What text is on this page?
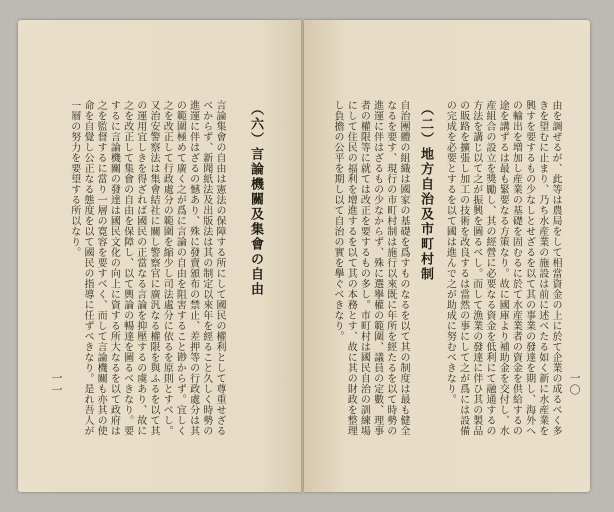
言論集會の自由は憲法の保障する所にして國民の權利として尊重せざるべからず、新聞紙法及出版法は其の制定以來年を經ること久しく時勢の進運に伴はざるの憾あり、殊に發賣頒布の禁止、差押等の行政處分は其の範圍極めて廣く之が爲に言論の自由を阻害すること尠からず。宜しく之を改正して行政處分の範圍を縮少し司法處分に依るを原則とすべし。又治安警察法は集會結社に關し警察官に廣汎なる權限を與ふるを以て其の運用宜しきを得ざれば國民の正當なる言論を抑壓するの虞あり、故に之を改正して集會の自由を保障し、以て輿論の暢達を圖るべきなり。要するに言論機關の發達は國民文化の向上に資する所大なるを以て政府は之を監督するに當り一層の寛容を要すべく、而して言論機關も亦其の使命を自覺し公正なる態度を以て國民の指導に任ずべきなり。是れ吾人が一層の努力を要望する所以なり。	（六）言論機關及集會の自由
一一	自治團體の組織は國家の基礎を爲すものなるを以て其の制度は最も健全なるを要す、現行の市町村制は施行以來既に年所を經たるを以て時勢の進運に伴はざるもの少なからず、殊に選擧權の範圍、議員の定數、理事者の權限等に就ては改正を要するもの多し。市町村は國民自治の訓練場にして住民の福利を增進するを以て其の本務とす、故に其の財政を整理し負擔の公平を期し以て自治の實を擧ぐべきなり。	（二）地方自治及市町村制	由を調ぜるが、此等は農局をして相當資金の上に於て企業の成るべく多きを望むに止まり、乃ち水産業の施設は前に述べたる如く新に水産業を興すを要するもの少なしとせざるを以て其の事業の發達を期し、海外への輸出を増加し産業の基礎を固むるに於て水産業者の資金を供給するの途を講ずるは最も緊要なる方策なり。故に國庫より補助金を交付し、水産組合の設立を獎勵し、其の經營に必要なる資金を低利にて融通するの方法を講じ以て之が振興を圖るべし。而して漁業の發達に伴ひ其の製品の販路を擴張し加工の技術を改良するは當然の事にして之が爲には設備の完成を必要とするを以て國は進んで之が助成に努むべきなり。	一〇
